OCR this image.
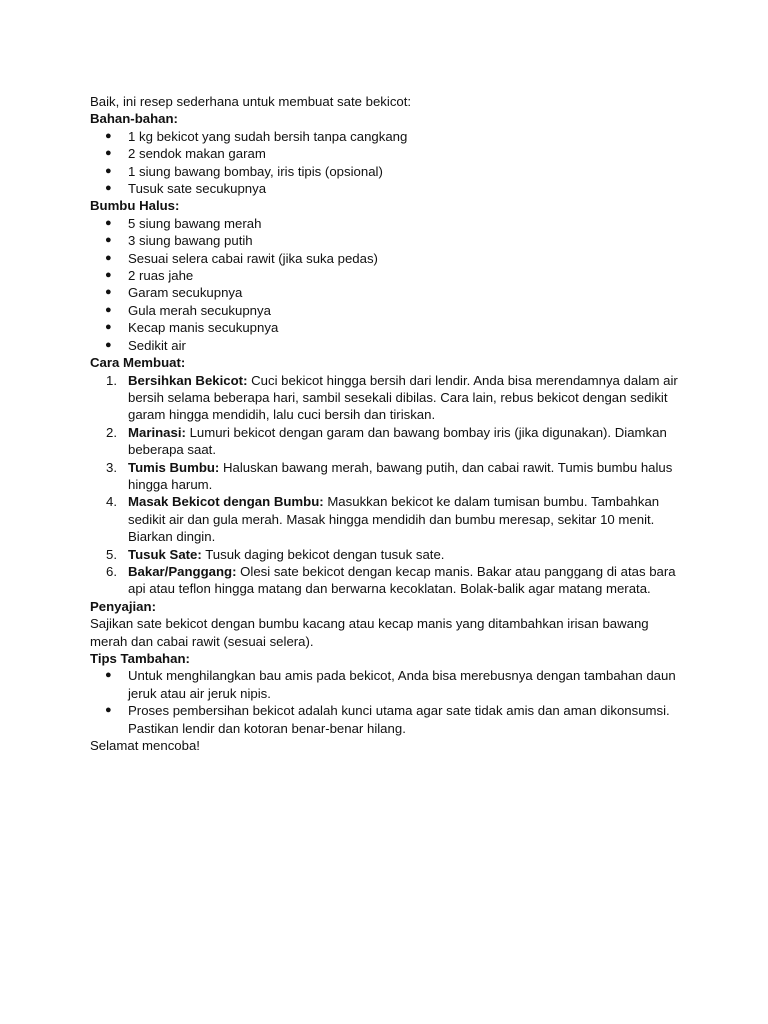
Baik, ini resep sederhana untuk membuat sate bekicot:

Bahan-bahan:

●	1 kg bekicot yang sudah bersih tanpa cangkang
●	2 sendok makan garam
●	1 siung bawang bombay, iris tipis (opsional)
●	Tusuk sate secukupnya

Bumbu Halus:

●	5 siung bawang merah
●	3 siung bawang putih
●	Sesuai selera cabai rawit (jika suka pedas)
●	2 ruas jahe
●	Garam secukupnya
●	Gula merah secukupnya
●	Kecap manis secukupnya
●	Sedikit air

Cara Membuat:

1. Bersihkan Bekicot: Cuci bekicot hingga bersih dari lendir. Anda bisa merendamnya dalam air bersih selama beberapa hari, sambil sesekali dibilas. Cara lain, rebus bekicot dengan sedikit garam hingga mendidih, lalu cuci bersih dan tiriskan.
2. Marinasi: Lumuri bekicot dengan garam dan bawang bombay iris (jika digunakan). Diamkan beberapa saat.
3. Tumis Bumbu: Haluskan bawang merah, bawang putih, dan cabai rawit. Tumis bumbu halus hingga harum.
4. Masak Bekicot dengan Bumbu: Masukkan bekicot ke dalam tumisan bumbu. Tambahkan sedikit air dan gula merah. Masak hingga mendidih dan bumbu meresap, sekitar 10 menit. Biarkan dingin.
5. Tusuk Sate: Tusuk daging bekicot dengan tusuk sate.
6. Bakar/Panggang: Olesi sate bekicot dengan kecap manis. Bakar atau panggang di atas bara api atau teflon hingga matang dan berwarna kecoklatan. Bolak-balik agar matang merata.

Penyajian:

Sajikan sate bekicot dengan bumbu kacang atau kecap manis yang ditambahkan irisan bawang merah dan cabai rawit (sesuai selera).

Tips Tambahan:

●	Untuk menghilangkan bau amis pada bekicot, Anda bisa merebusnya dengan tambahan daun jeruk atau air jeruk nipis.
●	Proses pembersihan bekicot adalah kunci utama agar sate tidak amis dan aman dikonsumsi. Pastikan lendir dan kotoran benar-benar hilang.

Selamat mencoba!
